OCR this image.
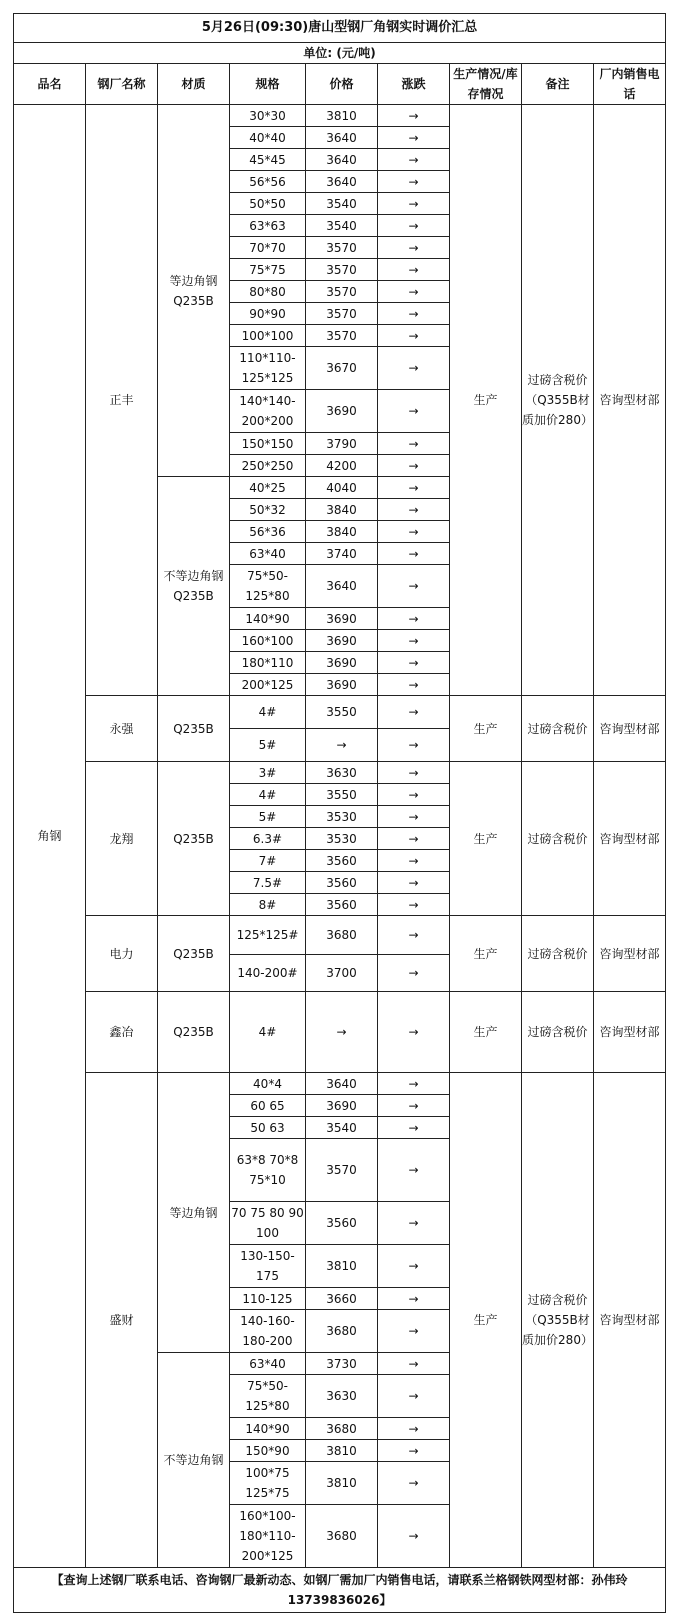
5月26日(09:30)唐山型钢厂角钢实时调价汇总								
单位: (元/吨)								
品名	钢厂名称	材质	规格	价格	涨跌	生产情况/库存情况	备注	厂内销售电话
角钢	正丰	等边角钢Q235B	30*30	3810	→	生产	过磅含税价（Q355B材质加价280）	咨询型材部
			40*40	3640	→			
			45*45	3640	→			
			56*56	3640	→			
			50*50	3540	→			
			63*63	3540	→			
			70*70	3570	→			
			75*75	3570	→			
			80*80	3570	→			
			90*90	3570	→			
			100*100	3570	→			
			110*110-125*125	3670	→			
			140*140-200*200	3690	→			
			150*150	3790	→			
			250*250	4200	→			
		不等边角钢Q235B	40*25	4040	→			
			50*32	3840	→			
			56*36	3840	→			
			63*40	3740	→			
			75*50-125*80	3640	→			
			140*90	3690	→			
			160*100	3690	→			
			180*110	3690	→			
			200*125	3690	→			
	永强	Q235B	4#	3550	→	生产	过磅含税价	咨询型材部
			5#	→	→			
	龙翔	Q235B	3#	3630	→	生产	过磅含税价	咨询型材部
			4#	3550	→			
			5#	3530	→			
			6.3#	3530	→			
			7#	3560	→			
			7.5#	3560	→			
			8#	3560	→			
	电力	Q235B	125*125#	3680	→	生产	过磅含税价	咨询型材部
			140-200#	3700	→			
	鑫冶	Q235B	4#	→	→	生产	过磅含税价	咨询型材部
	盛财	等边角钢	40*4	3640	→	生产	过磅含税价（Q355B材质加价280）	咨询型材部
			60 65	3690	→			
			50 63	3540	→			
			63*8 70*8 75*10	3570	→			
			70 75 80 90 100	3560	→			
			130-150-175	3810	→			
			110-125	3660	→			
			140-160-180-200	3680	→			
		不等边角钢	63*40	3730	→			
			75*50-125*80	3630	→			
			140*90	3680	→			
			150*90	3810	→			
			100*75 125*75	3810	→			
			160*100-180*110-200*125	3680	→			
【查询上述钢厂联系电话、咨询钢厂最新动态、如钢厂需加厂内销售电话，请联系兰格钢铁网型材部：孙伟玲13739836026】								
